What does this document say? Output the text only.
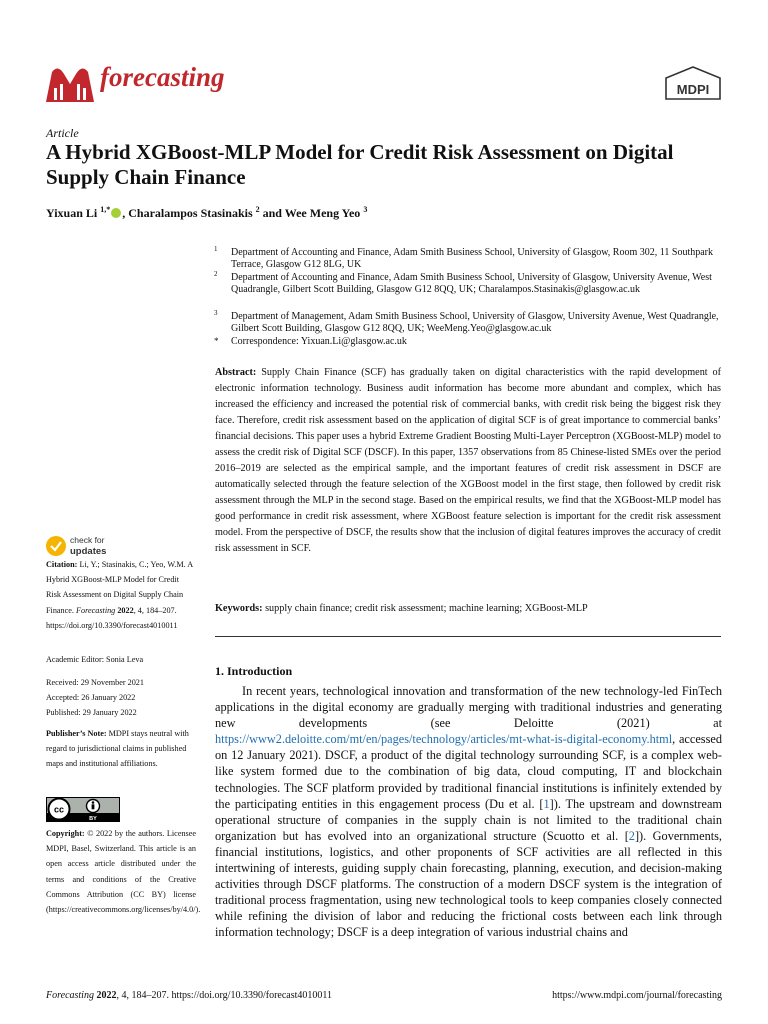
forecasting	MDPI
Article
A Hybrid XGBoost-MLP Model for Credit Risk Assessment on Digital Supply Chain Finance
Yixuan Li $^{1,*}$ , Charalampos Stasinakis $^2$ and Wee Meng Yeo $^3$
1 Department of Accounting and Finance, Adam Smith Business School, University of Glasgow, Room 302, 11 Southpark Terrace, Glasgow G12 8LG, UK
2 Department of Accounting and Finance, Adam Smith Business School, University of Glasgow, University Avenue, West Quadrangle, Gilbert Scott Building, Glasgow G12 8QQ, UK; Charalampos.Stasinakis@glasgow.ac.uk
3 Department of Management, Adam Smith Business School, University of Glasgow, University Avenue, West Quadrangle, Gilbert Scott Building, Glasgow G12 8QQ, UK; WeeMeng.Yeo@glasgow.ac.uk
* Correspondence: Yixuan.Li@glasgow.ac.uk
Abstract: Supply Chain Finance (SCF) has gradually taken on digital characteristics with the rapid development of electronic information technology. Business audit information has become more abundant and complex, which has increased the efficiency and increased the potential risk of commercial banks, with credit risk being the biggest risk they face. Therefore, credit risk assessment based on the application of digital SCF is of great importance to commercial banks’ financial decisions. This paper uses a hybrid Extreme Gradient Boosting Multi-Layer Perceptron (XGBoost-MLP) model to assess the credit risk of Digital SCF (DSCF). In this paper, 1357 observations from 85 Chinese-listed SMEs over the period 2016–2019 are selected as the empirical sample, and the important features of credit risk assessment in DSCF are automatically selected through the feature selection of the XGBoost model in the first stage, then followed by credit risk assessment through the MLP in the second stage. Based on the empirical results, we find that the XGBoost-MLP model has good performance in credit risk assessment, where XGBoost feature selection is important for the credit risk assessment model. From the perspective of DSCF, the results show that the inclusion of digital features improves the accuracy of credit risk assessment in SCF.
Keywords: supply chain finance; credit risk assessment; machine learning; XGBoost-MLP
1. Introduction
In recent years, technological innovation and transformation of the new technology-led FinTech applications in the digital economy are gradually merging with traditional industries and generating new developments (see Deloitte (2021) at https://www2.deloitte.com/mt/en/pages/technology/articles/mt-what-is-digital-economy.html, accessed on 12 January 2021). DSCF, a product of the digital technology surrounding SCF, is a complex web-like system formed due to the combination of big data, cloud computing, IT and blockchain technologies. The SCF platform provided by traditional financial institutions is infinitely extended by the participating entities in this engagement process (Du et al. [1]). The upstream and downstream operational structure of companies in the supply chain is not limited to the traditional chain organization but has evolved into an organizational structure (Scuotto et al. [2]). Governments, financial institutions, logistics, and other proponents of SCF activities are all reflected in this intertwining of interests, guiding supply chain forecasting, planning, execution, and decision-making activities through DSCF platforms. The construction of a modern DSCF system is the integration of traditional process fragmentation, using new technological tools to keep companies closely connected while refining the division of labor and reducing the frictional costs between each link through information technology; DSCF is a deep integration of various industrial chains and
check for
updates
Citation: Li, Y.; Stasinakis, C.; Yeo, W.M. A Hybrid XGBoost-MLP Model for Credit Risk Assessment on Digital Supply Chain Finance. Forecasting 2022, 4, 184–207. https://doi.org/10.3390/forecast4010011
Academic Editor: Sonia Leva
Received: 29 November 2021
Accepted: 26 January 2022
Published: 29 January 2022
Publisher’s Note: MDPI stays neutral with regard to jurisdictional claims in published maps and institutional affiliations.
cc
BY
Copyright: © 2022 by the authors. Licensee MDPI, Basel, Switzerland. This article is an open access article distributed under the terms and conditions of the Creative Commons Attribution (CC BY) license (https://creativecommons.org/licenses/by/4.0/).
Forecasting 2022, 4, 184–207. https://doi.org/10.3390/forecast4010011	https://www.mdpi.com/journal/forecasting
